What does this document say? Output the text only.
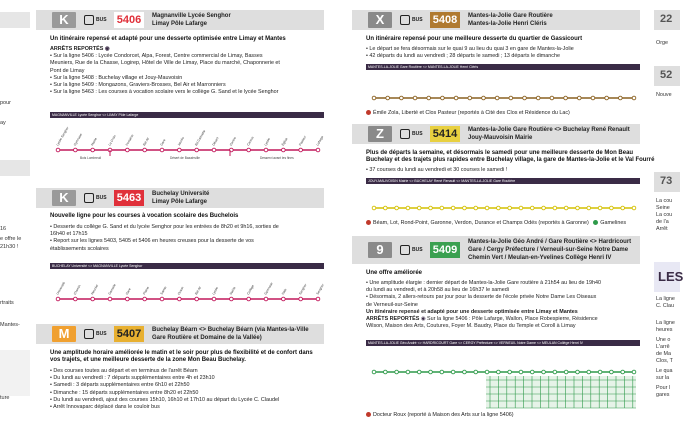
pour
ay
16
e offre le
21h30 !
rtraits
Mantes-
ture
K	BUS 5406	Magnanville Lycée Senghor
Limay Pôle Lafarge
Un itinéraire repensé et adapté pour une desserte optimisée entre Limay et Mantes
ARRÊTS REPORTÉS ◉
• Sur la ligne 5406 : Lycée Condorcet, Alpa, Forest, Centre commercial de Limay, Basses
Meuniers, Rue de la Chasse, Logirep, Hôtel de Ville de Limay, Place du marché, Chaponnerie et
Pont de Limay
• Sur la ligne 5408 : Buchelay village et Jouy-Mauvoisin
• Sur la ligne 5409 : Mongazons, Graviers-Brosses, Bel Air et Marronniers
• Sur la ligne 5463 : Les courses à vocation scolaire vers le collège G. Sand et le lycée Senghor
MAGNANVILLE Lycée Senghor <> LIMAY Pôle Lafarge
Lycée Senghor Gymnase Mairie	La Croix Fontaine Bel Air	Gare	Jaurès	Bd Calmette Désert	Centre	Camus	Lycée	Église	Pasteur	Lafarge
Bois Lombreuil	Désert de Bazainville	Desservi avant les fines
K	BUS 5463	Buchelay Université
Limay Pôle Lafarge
Nouvelle ligne pour les courses à vocation scolaire des Buchelois
• Desserte du collège G. Sand et du lycée Senghor pour les entrées de 8h20 et 9h16, sorties de
16h40 et 17h15
• Report sur les lignes 5403, 5405 et 5406 en heures creuses pour la desserte de vos
établissements scolaires
BUCHELAY Université <> MAGNANVILLE Lycée Senghor
Université Chemin	Meunier	Gamelle Gare	Plaine	Sainte	Ouest	Bel Air	Lycée	Mairie	Collège	Gymnase Haie	Senghor Senghor
M	BUS 5407	Buchelay Béarn <> Buchelay Béarn (via Mantes-la-Ville
Gare Routière et Domaine de la Vallée)
Une amplitude horaire améliorée le matin et le soir pour plus de flexibilité et de confort dans
vos trajets, et une meilleure desserte de la zone Mon Beau Buchelay.
• Des courses toutes au départ et en terminus de l'arrêt Béarn
• Du lundi au vendredi : 7 départs supplémentaires entre 4h et 23h10
• Samedi : 3 départs supplémentaires entre 6h10 et 22h50
• Dimanche : 15 départs supplémentaires entre 8h20 et 22h50
• Du lundi au vendredi, ajout des courses 15h10, 16h10 et 17h10 au départ du Lycée C. Claudel
• Arrêt Innovaparc déplacé dans le couloir bus
X	BUS 5408	Mantes-la-Jolie Gare Routière
Mantes-la-Jolie Henri Cléris
Un itinéraire repensé pour une meilleure desserte du quartier de Gassicourt
• Le départ se fera désormais sur le quai 9 au lieu du quai 3 en gare de Mantes-la-Jolie
• 42 départs du lundi au vendredi ; 28 départs le samedi ; 13 départs le dimanche
MANTES-LA-JOLIE Gare Routière <> MANTES-LA-JOLIE Henri Cléris
Émile Zola, Liberté et Clos Pasteur (reportés à Cité des Clos et Résidence du Lac)
Z	BUS 5414	Mantes-la-Jolie Gare Routière <> Buchelay René Renault
Jouy-Mauvoisin Mairie
Plus de départs la semaine, et désormais le samedi pour une meilleure desserte de Mon Beau
Buchelay et des trajets plus rapides entre Buchelay village, la gare de Mantes-la-Jolie et le Val Fourré
• 37 courses du lundi au vendredi et 30 courses le samedi !
JOUY-MAUVOISIN Mairie <> BUCHELAY René Renault <> MANTES-LA-JOLIE Gare Routière
Béam, Lot, Rond-Point, Garonne, Verdon, Durance et Champs Odés (reportés à Garonne) Gamelines
9	BUS 5409
Mantes-la-Jolie Géo André / Gare Routière <> Hardricourt
Gare / Cergy Préfecture / Verneuil-sur-Seine Notre Dame
Chemin Vert / Meulan-en-Yvelines Collège Henri IV
Une offre améliorée
• Une amplitude élargie : dernier départ de Mantes-la-Jolie Gare routière à 21h54 au lieu de 19h40
du lundi au vendredi, et à 20h58 au lieu de 16h37 le samedi
• Désormais, 2 allers-retours par jour pour la desserte de l'école privée Notre Dame Les Oiseaux
de Verneuil-sur-Seine
Un itinéraire repensé et adapté pour une desserte optimisée entre Limay et Mantes
ARRÊTS REPORTÉS ◉ Sur la ligne 5406 : Pôle Lafarge, Wallon, Place Robespierre, Résidence
Wilson, Maison des Arts, Coutures, Foyer M. Baudry, Place du Temple et Coroll à Limay
MANTES-LA-JOLIE Géo André <> HARDRICOURT Gare <> CERGY Préfecture <> VERNEUIL Notre Dame <> MEULAN Collège Henri IV
Docteur Roux (reporté à Maison des Arts sur la ligne 5406)
22
Orge
52
Nouve
73
La cou
Seine
La cou
de l'a
Arrêt
LES
La ligne
C. Clau
La ligne
heures
Une o
L'arrê
de Ma
Clos, T
Le qua
sur la
Pour l
gares
